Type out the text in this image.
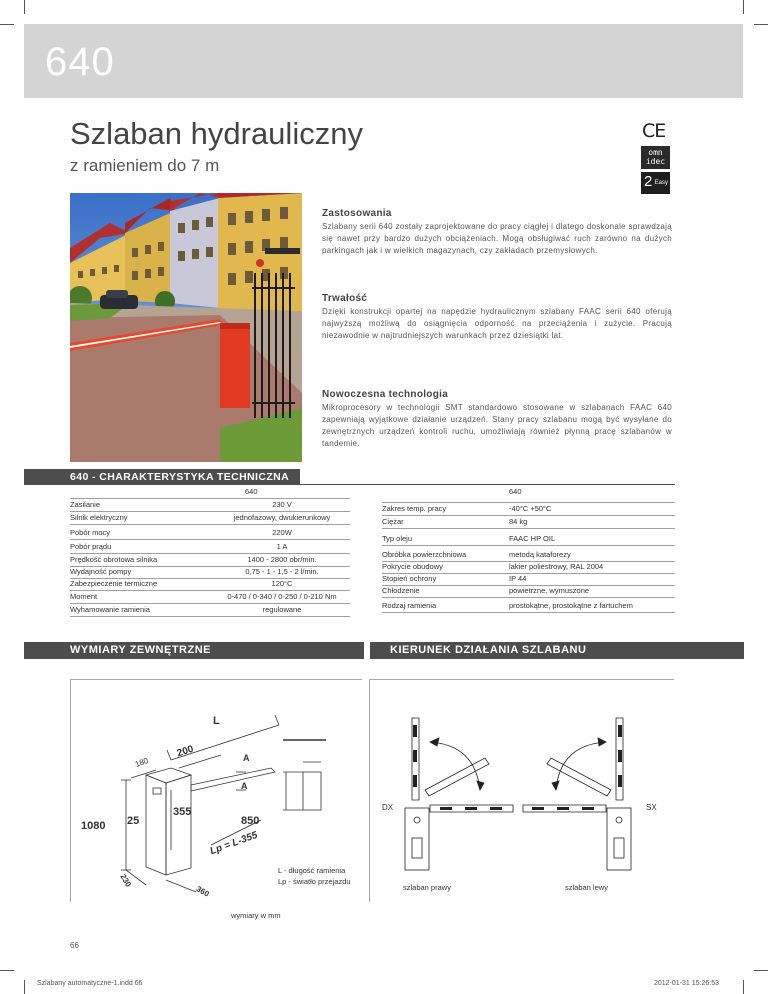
640
Szlaban hydrauliczny
z ramieniem do 7 m
CE
omn
idec
2 Easy
Zastosowania

Szlabany serii 640 zostały zaprojektowane do pracy ciągłej i dlatego doskonale sprawdzają się nawet przy bardzo dużych obciążeniach. Mogą obsługiwać ruch zarówno na dużych parkingach jak i w wielkich magazynach, czy zakładach przemysłowych.

Trwałość

Dzięki konstrukcji opartej na napędzie hydraulicznym szlabany FAAC serii 640 oferują najwyższą możliwą do osiągnięcia odporność na przeciążenia i zużycie. Pracują niezawodnie w najtrudniejszych warunkach przez dziesiątki lat.

Nowoczesna technologia

Mikroprocesory w technologii SMT standardowo stosowane w szlabanach FAAC 640 zapewniają wyjątkowe działanie urządzeń. Stany pracy szlabanu mogą być wysyłane do zewnętrznych urządzeń kontroli ruchu, umożliwiają również płynną pracę szlabanów w tandemie.

640 - CHARAKTERYSTYKA TECHNICZNA
640
Zasilanie	230 V
Silnik elektryczny	jednofazowy, dwukierunkowy
Pobór mocy	220W
Pobór prądu	1 A
Prędkość obrotowa silnika	1400 - 2800 obr/min.
Wydajność pompy	0,75 - 1 - 1,5 - 2 l/min.
Zabezpieczenie termiczne	120°C
Moment	0-470 / 0-340 / 0-250 / 0-210 Nm
Wyhamowanie ramienia	regulowane
640
Zakres temp. pracy	-40°C +50°C
Ciężar	84 kg
Typ oleju	FAAC HP OIL
Obróbka powierzchniowa	metodą kataforezy
Pokrycie obudowy	lakier poliestrowy, RAL 2004
Stopień ochrony	IP 44
Chłodzenie	powietrzne, wymuszone
Rodzaj ramienia	prostokątne, prostokątne z fartuchem
WYMIARY ZEWNĘTRZNE	KIERUNEK DZIAŁANIA SZLABANU
L
200
180	A
A
355
850
1080 25
Lp = L-355
230
360
L - długość ramienia
Lp - światło przejazdu
wymiary w mm
DX	SX
szlaban prawy	szlaban lewy
66
Szlabany automatyczne-1.indd 66	2012-01-31 15:26:53
